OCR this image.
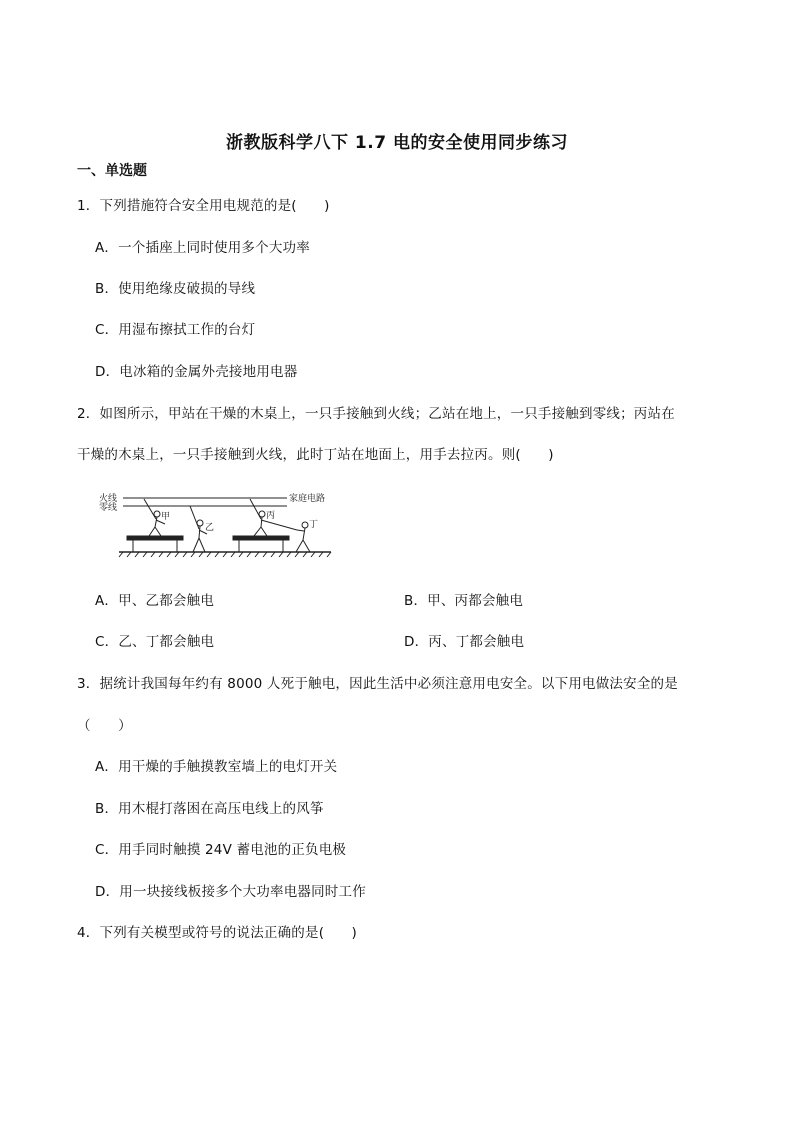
浙教版科学八下 1.7 电的安全使用同步练习
一、单选题
1．下列措施符合安全用电规范的是(　　)
A．一个插座上同时使用多个大功率
B．使用绝缘皮破损的导线
C．用湿布擦拭工作的台灯
D．电冰箱的金属外壳接地用电器
2．如图所示，甲站在干燥的木桌上，一只手接触到火线；乙站在地上，一只手接触到零线；丙站在
干燥的木桌上，一只手接触到火线，此时丁站在地面上，用手去拉丙。则(　　)
火线
零线
家庭电路
甲
乙
丙
丁
A．甲、乙都会触电	B．甲、丙都会触电
C．乙、丁都会触电	D．丙、丁都会触电
3．据统计我国每年约有 8000 人死于触电，因此生活中必须注意用电安全。以下用电做法安全的是
（　　）
A．用干燥的手触摸教室墙上的电灯开关
B．用木棍打落困在高压电线上的风筝
C．用手同时触摸 24V 蓄电池的正负电极
D．用一块接线板接多个大功率电器同时工作
4．下列有关模型或符号的说法正确的是(　　)
